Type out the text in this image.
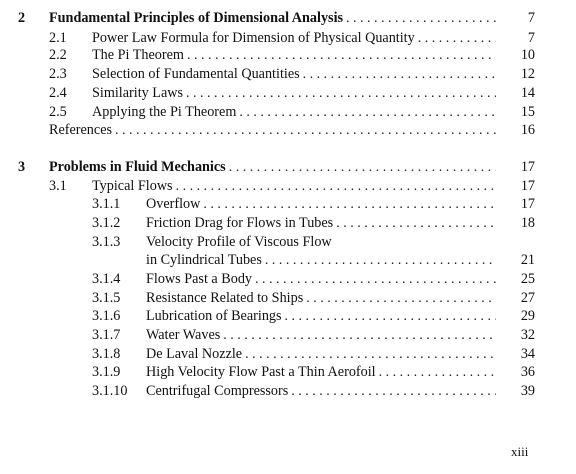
2 Fundamental Principles of Dimensional Analysis . . .	7
2.1 Power Law Formula for Dimension of Physical Quantity . . .	7
2.2 The Pi Theorem . . .	10
2.3 Selection of Fundamental Quantities . . .	12
2.4 Similarity Laws . . .	14
2.5 Applying the Pi Theorem . . .	15
References . . .	16
3 Problems in Fluid Mechanics . . .	17
3.1 Typical Flows . . .	17
3.1.1 Overflow . . .	17
3.1.2 Friction Drag for Flows in Tubes . . .	18
3.1.3 Velocity Profile of Viscous Flow
in Cylindrical Tubes . . .	21
3.1.4 Flows Past a Body . . .	25
3.1.5 Resistance Related to Ships . . .	27
3.1.6 Lubrication of Bearings . . .	29
3.1.7 Water Waves . . .	32
3.1.8 De Laval Nozzle . . .	34
3.1.9 High Velocity Flow Past a Thin Aerofoil . . .	36
3.1.10 Centrifugal Compressors . . .	39
xiii
